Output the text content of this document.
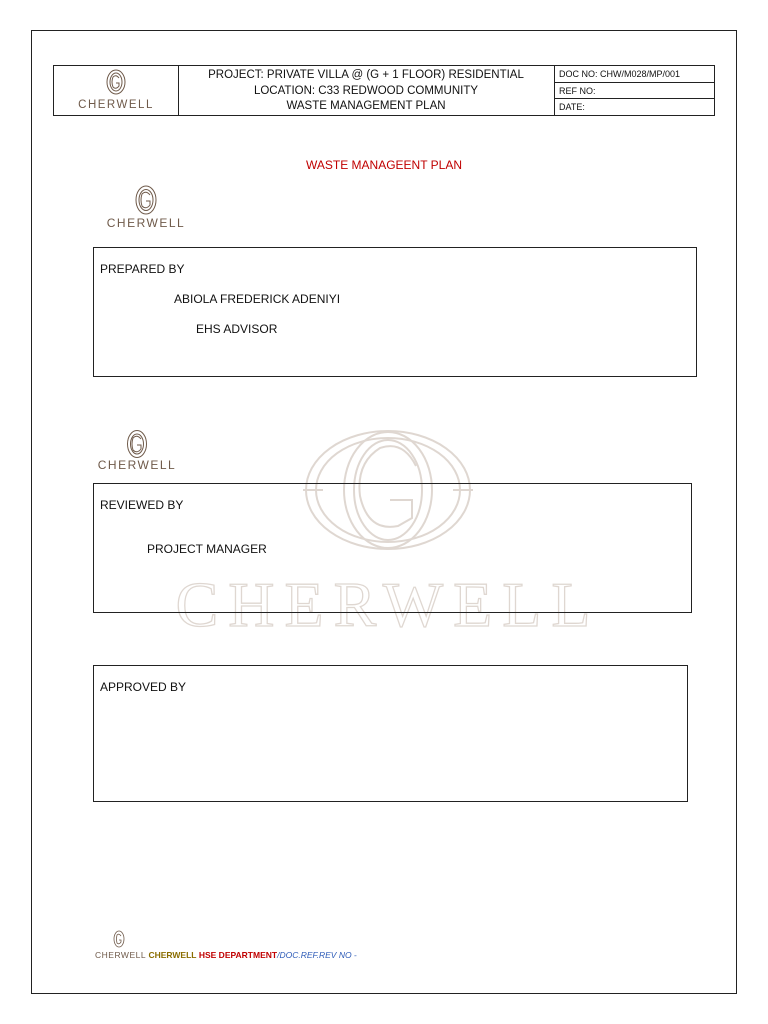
CHERWELL
PROJECT: PRIVATE VILLA @ (G + 1 FLOOR) RESIDENTIAL
LOCATION: C33 REDWOOD COMMUNITY
WASTE MANAGEMENT PLAN
DOC NO: CHW/M028/MP/001
REF NO:
DATE:
WASTE MANAGEENT PLAN
CHERWELL
PREPARED BY
ABIOLA FREDERICK ADENIYI
EHS ADVISOR
CHERWELL
CHERWELL
REVIEWED BY
PROJECT MANAGER
APPROVED BY
CHERWELL CHERWELL HSE DEPARTMENT/DOC.REF.REV NO -
